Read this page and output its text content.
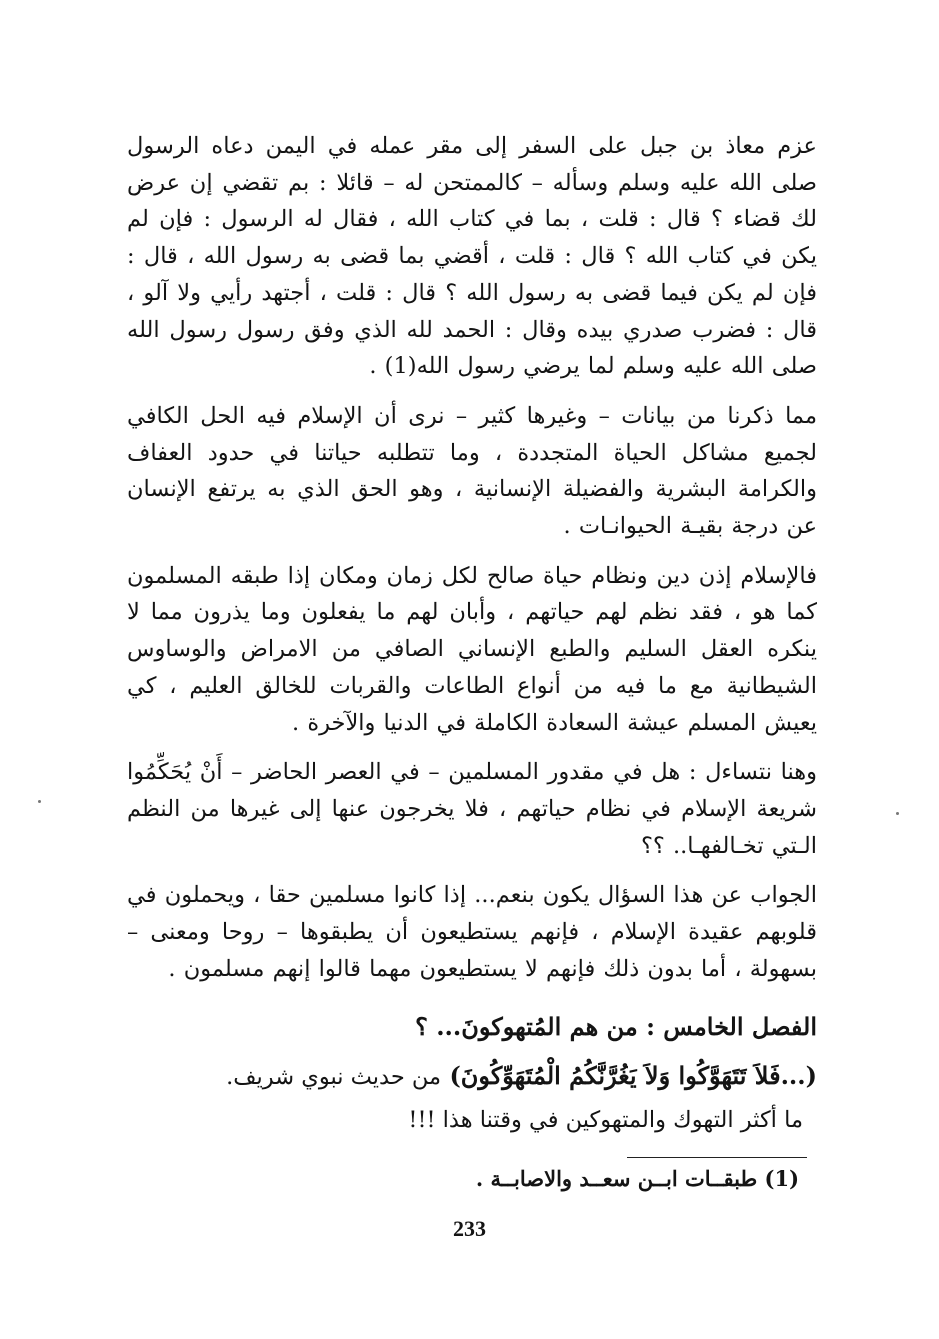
عزم معاذ بن جبل على السفر إلى مقر عمله في اليمن دعاه الرسول صلى الله عليه وسلم وسأله – كالممتحن له – قائلا : بم تقضي إن عرض لك قضاء ؟ قال : قلت ، بما في كتاب الله ، فقال له الرسول : فإن لم يكن في كتاب الله ؟ قال : قلت ، أقضي بما قضى به رسول الله ، قال : فإن لم يكن فيما قضى به رسول الله ؟ قال : قلت ، أجتهد رأيي ولا آلو ، قال : فضرب صدري بيده وقال : الحمد لله الذي وفق رسول رسول الله صلى الله عليه وسلم لما يرضي رسول الله(1) .

مما ذكرنا من بيانات – وغيرها كثير – نرى أن الإسلام فيه الحل الكافي لجميع مشاكل الحياة المتجددة ، وما تتطلبه حياتنا في حدود العفاف والكرامة البشرية والفضيلة الإنسانية ، وهو الحق الذي به يرتفع الإنسان عن درجة بقيـة الحيوانـات .

فالإسلام إذن دين ونظام حياة صالح لكل زمان ومكان إذا طبقه المسلمون كما هو ، فقد نظم لهم حياتهم ، وأبان لهم ما يفعلون وما يذرون مما لا ينكره العقل السليم والطبع الإنساني الصافي من الامراض والوساوس الشيطانية مع ما فيه من أنواع الطاعات والقربات للخالق العليم ، كي يعيش المسلم عيشة السعادة الكاملة في الدنيا والآخرة .

وهنا نتساءل : هل في مقدور المسلمين – في العصر الحاضر – أَنْ يُحَكِّمُوا شريعة الإسلام في نظام حياتهم ، فلا يخرجون عنها إلى غيرها من النظم الـتي تخـالفهـا.. ؟؟

الجواب عن هذا السؤال يكون بنعم... إذا كانوا مسلمين حقا ، ويحملون في قلوبهم عقيدة الإسلام ، فإنهم يستطيعون أن يطبقوها – روحا ومعنى – بسهولة ، أما بدون ذلك فإنهم لا يستطيعون مهما قالوا إنهم مسلمون .

الفصل الخامس : من هم المُتهوكونَ... ؟

(...فَلاَ تَتَهَوَّكُوا وَلاَ يَغُرَّنَّكُمُ الْمُتَهَوِّكُونَ) من حديث نبوي شريف.

ما أكثر التهوك والمتهوكين في وقتنا هذا !!!

(1) طبقــات ابــن سعــد والاصابــة .
233
